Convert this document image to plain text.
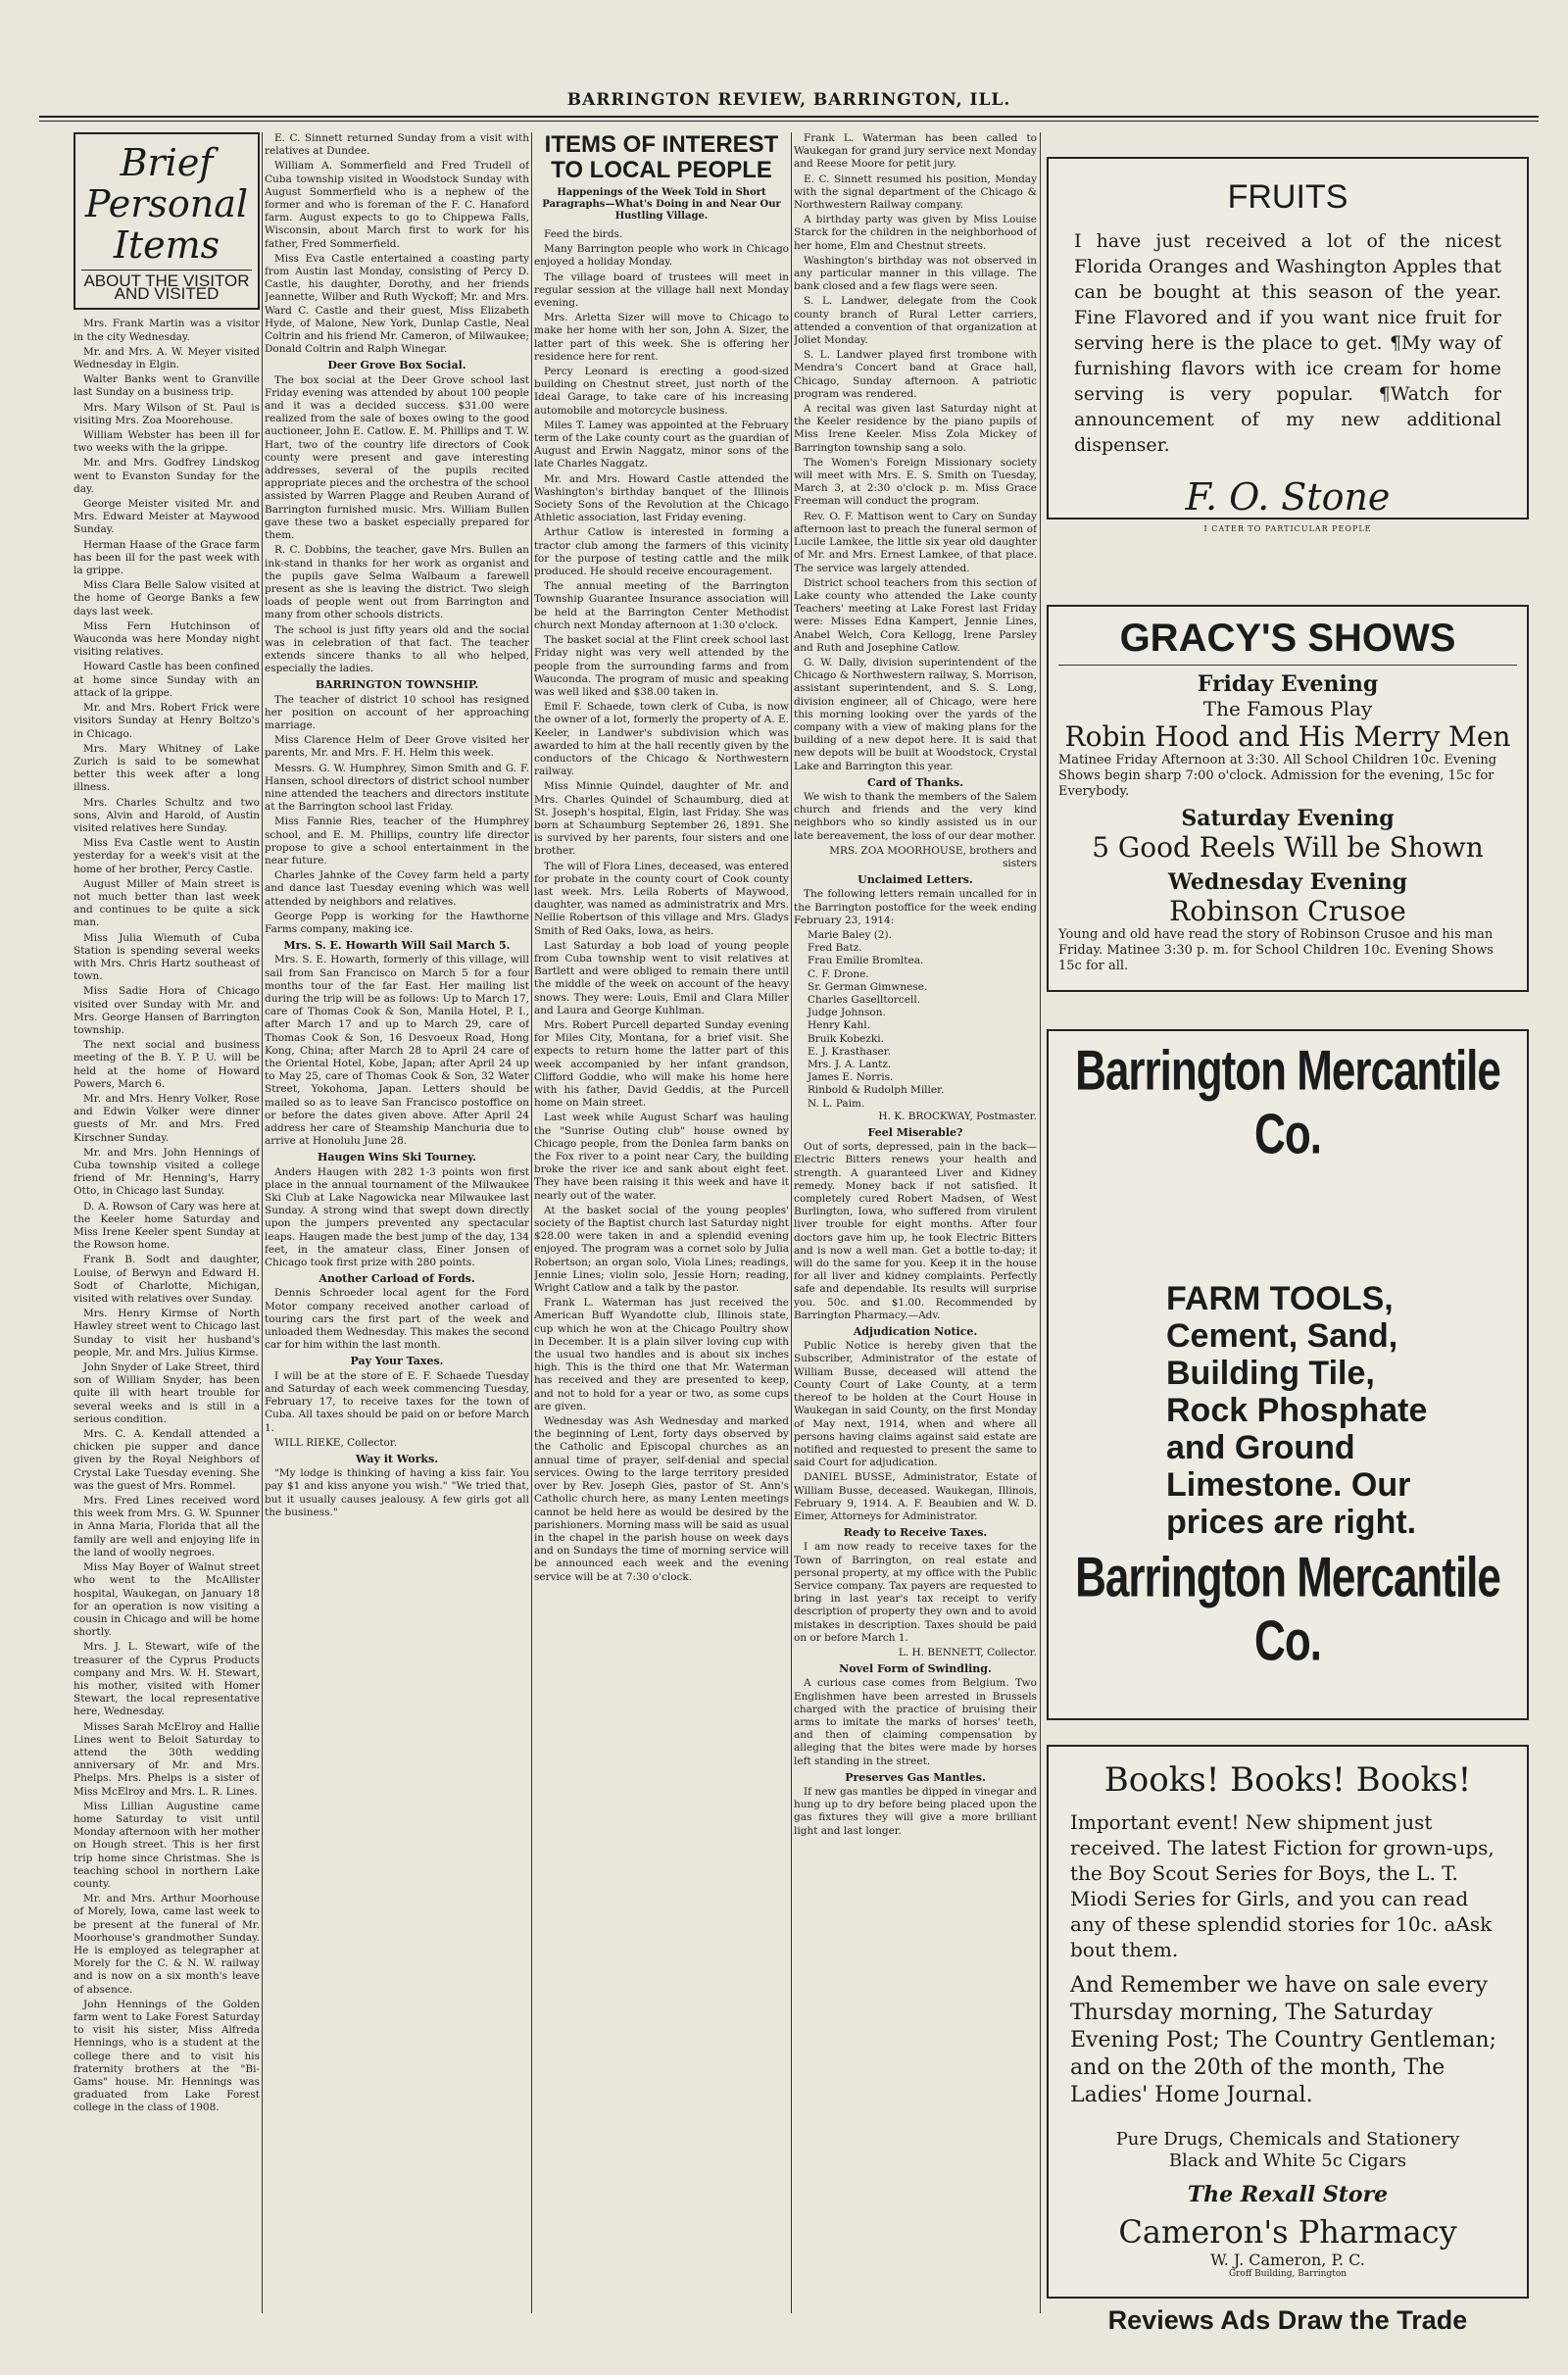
BARRINGTON REVIEW, BARRINGTON, ILL.
Brief Personal Items
ABOUT THE VISITOR AND VISITED

Mrs. Frank Martin was a visitor in the city Wednesday.

Mr. and Mrs. A. W. Meyer visited Wednesday in Elgin.

Walter Banks went to Granville last Sunday on a business trip.

Mrs. Mary Wilson of St. Paul is visiting Mrs. Zoa Moorehouse.

William Webster has been ill for two weeks with the la grippe.

Mr. and Mrs. Godfrey Lindskog went to Evanston Sunday for the day.

George Meister visited Mr. and Mrs. Edward Meister at Maywood Sunday.

Herman Haase of the Grace farm has been ill for the past week with la grippe.

Miss Clara Belle Salow visited at the home of George Banks a few days last week.

Miss Fern Hutchinson of Wauconda was here Monday night visiting relatives.

Howard Castle has been confined at home since Sunday with an attack of la grippe.

Mr. and Mrs. Robert Frick were visitors Sunday at Henry Boltzo's in Chicago.

Mrs. Mary Whitney of Lake Zurich is said to be somewhat better this week after a long illness.

Mrs. Charles Schultz and two sons, Alvin and Harold, of Austin visited relatives here Sunday.

Miss Eva Castle went to Austin yesterday for a week's visit at the home of her brother, Percy Castle.

August Miller of Main street is not much better than last week and continues to be quite a sick man.

Miss Julia Wiemuth of Cuba Station is spending several weeks with Mrs. Chris Hartz southeast of town.

Miss Sadie Hora of Chicago visited over Sunday with Mr. and Mrs. George Hansen of Barrington township.

The next social and business meeting of the B. Y. P. U. will be held at the home of Howard Powers, March 6.

Mr. and Mrs. Henry Volker, Rose and Edwin Volker were dinner guests of Mr. and Mrs. Fred Kirschner Sunday.

Mr. and Mrs. John Hennings of Cuba township visited a college friend of Mr. Henning's, Harry Otto, in Chicago last Sunday.

D. A. Rowson of Cary was here at the Keeler home Saturday and Miss Irene Keeler spent Sunday at the Rowson home.

Frank B. Sodt and daughter, Louise, of Berwyn and Edward H. Sodt of Charlotte, Michigan, visited with relatives over Sunday.

Mrs. Henry Kirmse of North Hawley street went to Chicago last Sunday to visit her husband's people, Mr. and Mrs. Julius Kirmse.

John Snyder of Lake Street, third son of William Snyder, has been quite ill with heart trouble for several weeks and is still in a serious condition.

Mrs. C. A. Kendall attended a chicken pie supper and dance given by the Royal Neighbors of Crystal Lake Tuesday evening. She was the guest of Mrs. Rommel.

Mrs. Fred Lines received word this week from Mrs. G. W. Spunner in Anna Maria, Florida that all the family are well and enjoying life in the land of woolly negroes.

Miss May Boyer of Walnut street who went to the McAllister hospital, Waukegan, on January 18 for an operation is now visiting a cousin in Chicago and will be home shortly.

Mrs. J. L. Stewart, wife of the treasurer of the Cyprus Products company and Mrs. W. H. Stewart, his mother, visited with Homer Stewart, the local representative here, Wednesday.

Misses Sarah McElroy and Hallie Lines went to Beloit Saturday to attend the 30th wedding anniversary of Mr. and Mrs. Phelps. Mrs. Phelps is a sister of Miss McElroy and Mrs. L. R. Lines.

Miss Lillian Augustine came home Saturday to visit until Monday afternoon with her mother on Hough street. This is her first trip home since Christmas. She is teaching school in northern Lake county.

Mr. and Mrs. Arthur Moorhouse of Morely, Iowa, came last week to be present at the funeral of Mr. Moorhouse's grandmother Sunday. He is employed as telegrapher at Morely for the C. & N. W. railway and is now on a six month's leave of absence.

John Hennings of the Golden farm went to Lake Forest Saturday to visit his sister, Miss Alfreda Hennings, who is a student at the college there and to visit his fraternity brothers at the "Bi-Gams" house. Mr. Hennings was graduated from Lake Forest college in the class of 1908.

E. C. Sinnett returned Sunday from a visit with relatives at Dundee.

William A. Sommerfield and Fred Trudell of Cuba township visited in Woodstock Sunday with August Sommerfield who is a nephew of the former and who is foreman of the F. C. Hanaford farm. August expects to go to Chippewa Falls, Wisconsin, about March first to work for his father, Fred Sommerfield.

Miss Eva Castle entertained a coasting party from Austin last Monday, consisting of Percy D. Castle, his daughter, Dorothy, and her friends Jeannette, Wilber and Ruth Wyckoff; Mr. and Mrs. Ward C. Castle and their guest, Miss Elizabeth Hyde, of Malone, New York, Dunlap Castle, Neal Coltrin and his friend Mr. Cameron, of Milwaukee; Donald Coltrin and Ralph Winegar.

Deer Grove Box Social.

The box social at the Deer Grove school last Friday evening was attended by about 100 people and it was a decided success. $31.00 were realized from the sale of boxes owing to the good auctioneer, John E. Catlow. E. M. Phillips and T. W. Hart, two of the country life directors of Cook county were present and gave interesting addresses, several of the pupils recited appropriate pieces and the orchestra of the school assisted by Warren Plagge and Reuben Aurand of Barrington furnished music. Mrs. William Bullen gave these two a basket especially prepared for them.

R. C. Dobbins, the teacher, gave Mrs. Bullen an ink-stand in thanks for her work as organist and the pupils gave Selma Walbaum a farewell present as she is leaving the district. Two sleigh loads of people went out from Barrington and many from other schools districts.

The school is just fifty years old and the social was in celebration of that fact. The teacher extends sincere thanks to all who helped, especially the ladies.

BARRINGTON TOWNSHIP.

The teacher of district 10 school has resigned her position on account of her approaching marriage.

Miss Clarence Helm of Deer Grove visited her parents, Mr. and Mrs. F. H. Helm this week.

Messrs. G. W. Humphrey, Simon Smith and G. F. Hansen, school directors of district school number nine attended the teachers and directors institute at the Barrington school last Friday.

Miss Fannie Ries, teacher of the Humphrey school, and E. M. Phillips, country life director propose to give a school entertainment in the near future.

Charles Jahnke of the Covey farm held a party and dance last Tuesday evening which was well attended by neighbors and relatives.

George Popp is working for the Hawthorne Farms company, making ice.

Mrs. S. E. Howarth Will Sail March 5.

Mrs. S. E. Howarth, formerly of this village, will sail from San Francisco on March 5 for a four months tour of the far East. Her mailing list during the trip will be as follows: Up to March 17, care of Thomas Cook & Son, Manila Hotel, P. I., after March 17 and up to March 29, care of Thomas Cook & Son, 16 Desvoeux Road, Hong Kong, China; after March 28 to April 24 care of the Oriental Hotel, Kobe, Japan; after April 24 up to May 25, care of Thomas Cook & Son, 32 Water Street, Yokohoma, Japan. Letters should be mailed so as to leave San Francisco postoffice on or before the dates given above. After April 24 address her care of Steamship Manchuria due to arrive at Honolulu June 28.

Haugen Wins Ski Tourney.

Anders Haugen with 282 1-3 points won first place in the annual tournament of the Milwaukee Ski Club at Lake Nagowicka near Milwaukee last Sunday. A strong wind that swept down directly upon the jumpers prevented any spectacular leaps. Haugen made the best jump of the day, 134 feet, in the amateur class, Einer Jonsen of Chicago took first prize with 280 points.

Another Carload of Fords.

Dennis Schroeder local agent for the Ford Motor company received another carload of touring cars the first part of the week and unloaded them Wednesday. This makes the second car for him within the last month.

Pay Your Taxes.

I will be at the store of E. F. Schaede Tuesday and Saturday of each week commencing Tuesday, February 17, to receive taxes for the town of Cuba. All taxes should be paid on or before March 1.

WILL RIEKE, Collector.

Way it Works.

"My lodge is thinking of having a kiss fair. You pay $1 and kiss anyone you wish." "We tried that, but it usually causes jealousy. A few girls got all the business."

ITEMS OF INTEREST
TO LOCAL PEOPLE
Happenings of the Week Told in Short Paragraphs—What's Doing in and Near Our Hustling Village.

Feed the birds.

Many Barrington people who work in Chicago enjoyed a holiday Monday.

The village board of trustees will meet in regular session at the village hall next Monday evening.

Mrs. Arletta Sizer will move to Chicago to make her home with her son, John A. Sizer, the latter part of this week. She is offering her residence here for rent.

Percy Leonard is erecting a good-sized building on Chestnut street, just north of the Ideal Garage, to take care of his increasing automobile and motorcycle business.

Miles T. Lamey was appointed at the February term of the Lake county court as the guardian of August and Erwin Naggatz, minor sons of the late Charles Naggatz.

Mr. and Mrs. Howard Castle attended the Washington's birthday banquet of the Illinois Society Sons of the Revolution at the Chicago Athletic association, last Friday evening.

Arthur Catlow is interested in forming a tractor club among the farmers of this vicinity for the purpose of testing cattle and the milk produced. He should receive encouragement.

The annual meeting of the Barrington Township Guarantee Insurance association will be held at the Barrington Center Methodist church next Monday afternoon at 1:30 o'clock.

The basket social at the Flint creek school last Friday night was very well attended by the people from the surrounding farms and from Wauconda. The program of music and speaking was well liked and $38.00 taken in.

Emil F. Schaede, town clerk of Cuba, is now the owner of a lot, formerly the property of A. E. Keeler, in Landwer's subdivision which was awarded to him at the hall recently given by the conductors of the Chicago & Northwestern railway.

Miss Minnie Quindel, daughter of Mr. and Mrs. Charles Quindel of Schaumburg, died at St. Joseph's hospital, Elgin, last Friday. She was born at Schaumburg September 26, 1891. She is survived by her parents, four sisters and one brother.

The will of Flora Lines, deceased, was entered for probate in the county court of Cook county last week. Mrs. Leila Roberts of Maywood, daughter, was named as administratrix and Mrs. Nellie Robertson of this village and Mrs. Gladys Smith of Red Oaks, Iowa, as heirs.

Last Saturday a bob load of young people from Cuba township went to visit relatives at Bartlett and were obliged to remain there until the middle of the week on account of the heavy snows. They were: Louis, Emil and Clara Miller and Laura and George Kuhlman.

Mrs. Robert Purcell departed Sunday evening for Miles City, Montana, for a brief visit. She expects to return home the latter part of this week accompanied by her infant grandson, Clifford Goddie, who will make his home here with his father, David Geddis, at the Purcell home on Main street.

Last week while August Scharf was hauling the "Sunrise Outing club" house owned by Chicago people, from the Donlea farm banks on the Fox river to a point near Cary, the building broke the river ice and sank about eight feet. They have been raising it this week and have it nearly out of the water.

At the basket social of the young peoples' society of the Baptist church last Saturday night $28.00 were taken in and a splendid evening enjoyed. The program was a cornet solo by Julia Robertson; an organ solo, Viola Lines; readings, Jennie Lines; violin solo, Jessie Horn; reading, Wright Catlow and a talk by the pastor.

Frank L. Waterman has just received the American Buff Wyandotte club, Illinois state, cup which he won at the Chicago Poultry show in December. It is a plain silver loving cup with the usual two handles and is about six inches high. This is the third one that Mr. Waterman has received and they are presented to keep, and not to hold for a year or two, as some cups are given.

Wednesday was Ash Wednesday and marked the beginning of Lent, forty days observed by the Catholic and Episcopal churches as an annual time of prayer, self-denial and special services. Owing to the large territory presided over by Rev. Joseph Gies, pastor of St. Ann's Catholic church here, as many Lenten meetings cannot be held here as would be desired by the parishioners. Morning mass will be said as usual in the chapel in the parish house on week days and on Sundays the time of morning service will be announced each week and the evening service will be at 7:30 o'clock.

Frank L. Waterman has been called to Waukegan for grand jury service next Monday and Reese Moore for petit jury.

E. C. Sinnett resumed his position, Monday with the signal department of the Chicago & Northwestern Railway company.

A birthday party was given by Miss Louise Starck for the children in the neighborhood of her home, Elm and Chestnut streets.

Washington's birthday was not observed in any particular manner in this village. The bank closed and a few flags were seen.

S. L. Landwer, delegate from the Cook county branch of Rural Letter carriers, attended a convention of that organization at Joliet Monday.

S. L. Landwer played first trombone with Mendra's Concert band at Grace hall, Chicago, Sunday afternoon. A patriotic program was rendered.

A recital was given last Saturday night at the Keeler residence by the piano pupils of Miss Irene Keeler. Miss Zola Mickey of Barrington township sang a solo.

The Women's Foreign Missionary society will meet with Mrs. E. S. Smith on Tuesday, March 3, at 2:30 o'clock p. m. Miss Grace Freeman will conduct the program.

Rev. O. F. Mattison went to Cary on Sunday afternoon last to preach the funeral sermon of Lucile Lamkee, the little six year old daughter of Mr. and Mrs. Ernest Lamkee, of that place. The service was largely attended.

District school teachers from this section of Lake county who attended the Lake county Teachers' meeting at Lake Forest last Friday were: Misses Edna Kampert, Jennie Lines, Anabel Welch, Cora Kellogg, Irene Parsley and Ruth and Josephine Catlow.

G. W. Dally, division superintendent of the Chicago & Northwestern railway, S. Morrison, assistant superintendent, and S. S. Long, division engineer, all of Chicago, were here this morning looking over the yards of the company with a view of making plans for the building of a new depot here. It is said that new depots will be built at Woodstock, Crystal Lake and Barrington this year.

Card of Thanks.

We wish to thank the members of the Salem church and friends and the very kind neighbors who so kindly assisted us in our late bereavement, the loss of our dear mother.

MRS. ZOA MOORHOUSE, brothers and sisters

Unclaimed Letters.

The following letters remain uncalled for in the Barrington postoffice for the week ending February 23, 1914:

Marie Baley (2).
Fred Batz.
Frau Emilie Bromltea.
C. F. Drone.
Sr. German Gimwnese.
Charles Gaselltorcell.
Judge Johnson.
Henry Kahl.
Bruik Kobezki.
E. J. Krasthaser.
Mrs. J. A. Lantz.
James E. Norris.
Rinbold & Rudolph Miller.
N. L. Paim.

H. K. BROCKWAY, Postmaster.

Feel Miserable?

Out of sorts, depressed, pain in the back—Electric Bitters renews your health and strength. A guaranteed Liver and Kidney remedy. Money back if not satisfied. It completely cured Robert Madsen, of West Burlington, Iowa, who suffered from virulent liver trouble for eight months. After four doctors gave him up, he took Electric Bitters and is now a well man. Get a bottle to-day; it will do the same for you. Keep it in the house for all liver and kidney complaints. Perfectly safe and dependable. Its results will surprise you. 50c. and $1.00. Recommended by Barrington Pharmacy.—Adv.

Adjudication Notice.

Public Notice is hereby given that the Subscriber, Administrator of the estate of William Busse, deceased will attend the County Court of Lake County, at a term thereof to be holden at the Court House in Waukegan in said County, on the first Monday of May next, 1914, when and where all persons having claims against said estate are notified and requested to present the same to said Court for adjudication.

DANIEL BUSSE, Administrator, Estate of William Busse, deceased. Waukegan, Illinois, February 9, 1914. A. F. Beaubien and W. D. Eimer, Attorneys for Administrator.

Ready to Receive Taxes.

I am now ready to receive taxes for the Town of Barrington, on real estate and personal property, at my office with the Public Service company. Tax payers are requested to bring in last year's tax receipt to verify description of property they own and to avoid mistakes in description. Taxes should be paid on or before March 1.

L. H. BENNETT, Collector.

Novel Form of Swindling.

A curious case comes from Belgium. Two Englishmen have been arrested in Brussels charged with the practice of bruising their arms to imitate the marks of horses' teeth, and then of claiming compensation by alleging that the bites were made by horses left standing in the street.

Preserves Gas Mantles.

If new gas mantles be dipped in vinegar and hung up to dry before being placed upon the gas fixtures they will give a more brilliant light and last longer.

FRUITS
I have just received a lot of the nicest Florida Oranges and Washington Apples that can be bought at this season of the year. Fine Flavored and if you want nice fruit for serving here is the place to get. ¶My way of furnishing flavors with ice cream for home serving is very popular. ¶Watch for announcement of my new additional dispenser.
F. O. Stone
I CATER TO PARTICULAR PEOPLE
GRACY'S SHOWS
Friday Evening
The Famous Play
Robin Hood and His Merry Men
Matinee Friday Afternoon at 3:30. All School Children 10c. Evening Shows begin sharp 7:00 o'clock. Admission for the evening, 15c for Everybody.
Saturday Evening
5 Good Reels Will be Shown
Wednesday Evening
Robinson Crusoe
Young and old have read the story of Robinson Crusoe and his man Friday. Matinee 3:30 p. m. for School Children 10c. Evening Shows 15c for all.
Barrington Mercantile Co.
FARM TOOLS,
Cement, Sand,
Building Tile,
Rock Phosphate
and Ground
Limestone. Our
prices are right.
Barrington Mercantile Co.
Books! Books! Books!
Important event! New shipment just received. The latest Fiction for grown-ups, the Boy Scout Series for Boys, the L. T. Miodi Series for Girls, and you can read any of these splendid stories for 10c. aAsk bout them.
And Remember we have on sale every Thursday morning, The Saturday Evening Post; The Country Gentleman; and on the 20th of the month, The Ladies' Home Journal.
Pure Drugs, Chemicals and Stationery
Black and White 5c Cigars
The Rexall Store
Cameron's Pharmacy
W. J. Cameron, P. C.
Groff Building, Barrington
Reviews Ads Draw the Trade
